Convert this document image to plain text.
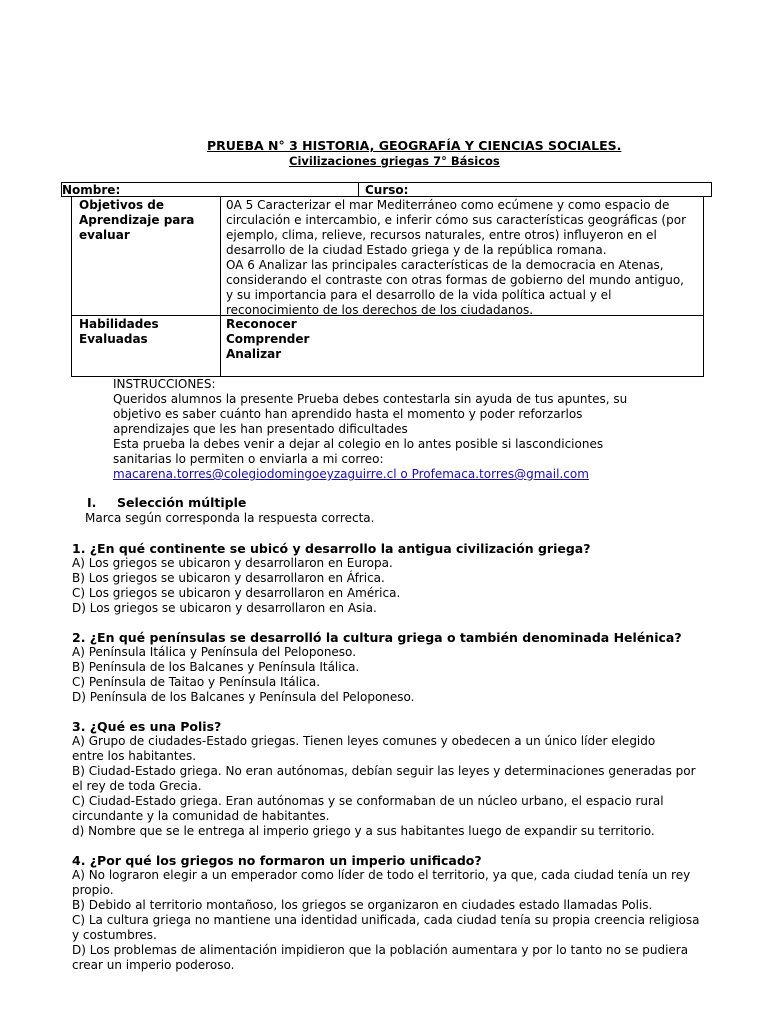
PRUEBA N° 3 HISTORIA, GEOGRAFÍA Y CIENCIAS SOCIALES.
Civilizaciones griegas 7° Básicos
Nombre:	Curso:
Objetivos de
Aprendizaje para
evaluar
0A 5 Caracterizar el mar Mediterráneo como ecúmene y como espacio de
circulación e intercambio, e inferir cómo sus características geográficas (por
ejemplo, clima, relieve, recursos naturales, entre otros) influyeron en el
desarrollo de la ciudad Estado griega y de la república romana.
OA 6 Analizar las principales características de la democracia en Atenas,
considerando el contraste con otras formas de gobierno del mundo antiguo,
y su importancia para el desarrollo de la vida política actual y el
reconocimiento de los derechos de los ciudadanos.
Habilidades
Evaluadas
Reconocer
Comprender
Analizar
INSTRUCCIONES:
Queridos alumnos la presente Prueba debes contestarla sin ayuda de tus apuntes, su
objetivo es saber cuánto han aprendido hasta el momento y poder reforzarlos
aprendizajes que les han presentado dificultades
Esta prueba la debes venir a dejar al colegio en lo antes posible si lascondiciones
sanitarias lo permiten o enviarla a mi correo:
macarena.torres@colegiodomingoeyzaguirre.cl o Profemaca.torres@gmail.com
I. Selección múltiple
Marca según corresponda la respuesta correcta.
1. ¿En qué continente se ubicó y desarrollo la antigua civilización griega?
A) Los griegos se ubicaron y desarrollaron en Europa.
B) Los griegos se ubicaron y desarrollaron en África.
C) Los griegos se ubicaron y desarrollaron en América.
D) Los griegos se ubicaron y desarrollaron en Asia.
2. ¿En qué penínsulas se desarrolló la cultura griega o también denominada Helénica?
A) Península Itálica y Península del Peloponeso.
B) Península de los Balcanes y Península Itálica.
C) Península de Taitao y Península Itálica.
D) Península de los Balcanes y Península del Peloponeso.
3. ¿Qué es una Polis?
A) Grupo de ciudades-Estado griegas. Tienen leyes comunes y obedecen a un único líder elegido
entre los habitantes.
B) Ciudad-Estado griega. No eran autónomas, debían seguir las leyes y determinaciones generadas por
el rey de toda Grecia.
C) Ciudad-Estado griega. Eran autónomas y se conformaban de un núcleo urbano, el espacio rural
circundante y la comunidad de habitantes.
d) Nombre que se le entrega al imperio griego y a sus habitantes luego de expandir su territorio.
4. ¿Por qué los griegos no formaron un imperio unificado?
A) No lograron elegir a un emperador como líder de todo el territorio, ya que, cada ciudad tenía un rey
propio.
B) Debido al territorio montañoso, los griegos se organizaron en ciudades estado llamadas Polis.
C) La cultura griega no mantiene una identidad unificada, cada ciudad tenía su propia creencia religiosa
y costumbres.
D) Los problemas de alimentación impidieron que la población aumentara y por lo tanto no se pudiera
crear un imperio poderoso.
